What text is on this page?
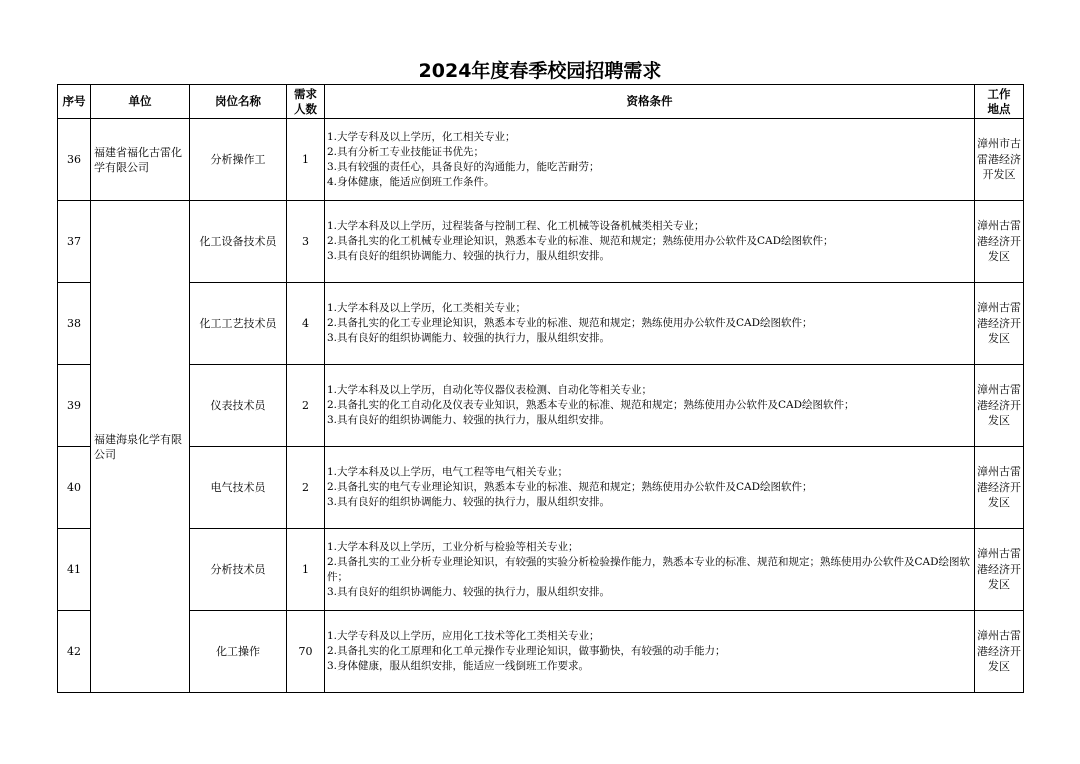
2024年度春季校园招聘需求
序号	单位	岗位名称	需求人数	资格条件	工作地点
36	福建省福化古雷化学有限公司	分析操作工	1	1.大学专科及以上学历，化工相关专业；
2.具有分析工专业技能证书优先；
3.具有较强的责任心，具备良好的沟通能力，能吃苦耐劳；
4.身体健康，能适应倒班工作条件。	漳州市古雷港经济开发区
37	福建海泉化学有限公司	化工设备技术员	3	1.大学本科及以上学历，过程装备与控制工程、化工机械等设备机械类相关专业；
2.具备扎实的化工机械专业理论知识，熟悉本专业的标准、规范和规定；熟练使用办公软件及CAD绘图软件；
3.具有良好的组织协调能力、较强的执行力，服从组织安排。	漳州古雷港经济开发区
38		化工工艺技术员	4	1.大学本科及以上学历，化工类相关专业；
2.具备扎实的化工专业理论知识，熟悉本专业的标准、规范和规定；熟练使用办公软件及CAD绘图软件；
3.具有良好的组织协调能力、较强的执行力，服从组织安排。	漳州古雷港经济开发区
39		仪表技术员	2	1.大学本科及以上学历，自动化等仪器仪表检测、自动化等相关专业；
2.具备扎实的化工自动化及仪表专业知识，熟悉本专业的标准、规范和规定；熟练使用办公软件及CAD绘图软件；
3.具有良好的组织协调能力、较强的执行力，服从组织安排。	漳州古雷港经济开发区
40		电气技术员	2	1.大学本科及以上学历，电气工程等电气相关专业；
2.具备扎实的电气专业理论知识，熟悉本专业的标准、规范和规定；熟练使用办公软件及CAD绘图软件；
3.具有良好的组织协调能力、较强的执行力，服从组织安排。	漳州古雷港经济开发区
41		分析技术员	1	1.大学本科及以上学历，工业分析与检验等相关专业；
2.具备扎实的工业分析专业理论知识，有较强的实验分析检验操作能力，熟悉本专业的标准、规范和规定；熟练使用办公软件及CAD绘图软件；
3.具有良好的组织协调能力、较强的执行力，服从组织安排。	漳州古雷港经济开发区
42		化工操作	70	1.大学专科及以上学历，应用化工技术等化工类相关专业；
2.具备扎实的化工原理和化工单元操作专业理论知识，做事勤快，有较强的动手能力；
3.身体健康，服从组织安排，能适应一线倒班工作要求。	漳州古雷港经济开发区
